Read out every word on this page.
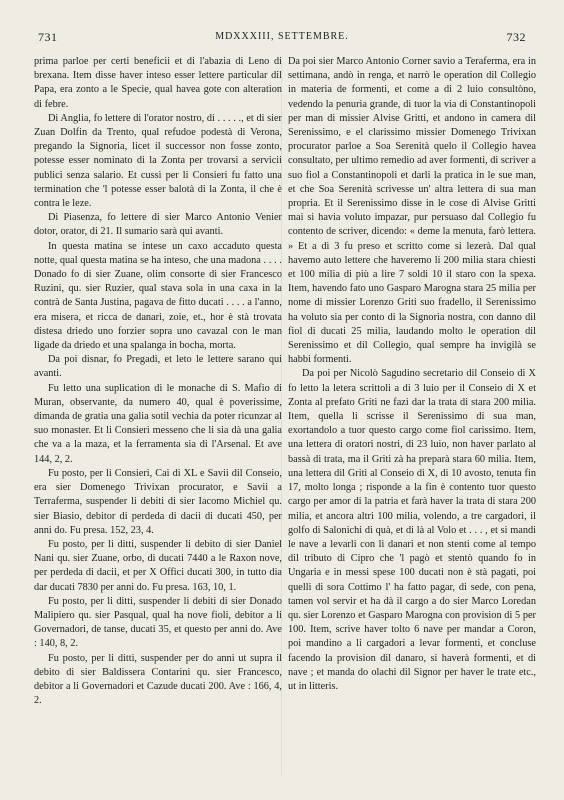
731	MDXXXIII, SETTEMBRE.	732

prima parloe per certi beneficii et di l'abazia di Leno di brexana. Item disse haver inteso esser lettere particular dil Papa, era zonto a le Specie, qual havea gote con alteration di febre.

Di Anglia, fo lettere di l'orator nostro, di . . . . ., et di sier Zuan Dolfin da Trento, qual refudoe podestà di Verona, pregando la Signoria, licet il successor non fosse zonto, potesse esser nominato di la Zonta per trovarsi a servicii publici senza salario. Et cussì per li Consieri fu fatto una termination che 'l potesse esser balotà di la Zonta, il che è contra le leze.

Di Piasenza, fo lettere di sier Marco Antonio Venier dotor, orator, di 21. Il sumario sarà qui avanti.

In questa matina se intese un caxo accaduto questa notte, qual questa matina se ha inteso, che una madona . . . . Donado fo di sier Zuane, olim consorte di sier Francesco Ruzini, qu. sier Ruzier, qual stava sola in una caxa in la contrà de Santa Justina, pagava de fitto ducati . . . . a l'anno, era misera, et ricca de danari, zoie, et., hor è stà trovata distesa driedo uno forzier sopra uno cavazal con le man ligade da driedo et una spalanga in bocha, morta.

Da poi disnar, fo Pregadi, et leto le lettere sarano qui avanti.

Fu letto una suplication di le monache di S. Mafio di Muran, observante, da numero 40, qual è poverissime, dimanda de gratia una galia sotil vechia da poter ricunzar al suo monaster. Et li Consieri messeno che li sia dà una galia che va a la maza, et la ferramenta sia di l'Arsenal. Et ave 144, 2, 2.

Fu posto, per li Consieri, Cai di XL e Savii dil Conseio, era sier Domenego Trivixan procurator, e Savii a Terraferma, suspender li debiti di sier Iacomo Michiel qu. sier Biasio, debitor di perdeda di dacii di ducati 450, per anni do. Fu presa. 152, 23, 4.

Fu posto, per li ditti, suspender li debito di sier Daniel Nani qu. sier Zuane, orbo, di ducati 7440 a le Raxon nove, per perdeda di dacii, et per X Offici ducati 300, in tutto dia dar ducati 7830 per anni do. Fu presa. 163, 10, 1.

Fu posto, per li ditti, suspender li debiti di sier Donado Malipiero qu. sier Pasqual, qual ha nove fioli, debitor a li Governadori, de tanse, ducati 35, et questo per anni do. Ave : 140, 8, 2.

Fu posto, per li ditti, suspender per do anni ut supra il debito di sier Baldissera Contarini qu. sier Francesco, debitor a li Governadori et Cazude ducati 200. Ave : 166, 4, 2.

Da poi sier Marco Antonio Corner savio a Teraferma, era in settimana, andò in renga, et narrò le operation dil Collegio in materia de formenti, et come a di 2 luio consultòno, vedendo la penuria grande, di tuor la via di Constantinopoli per man di missier Alvise Gritti, et andono in camera dil Serenissimo, e el clarissimo missier Domenego Trivixan procurator parloe a Soa Serenità quelo il Collegio havea consultato, per ultimo remedio ad aver formenti, di scriver a suo fiol a Constantinopoli et darli la pratica in le sue man, et che Soa Serenità scrivesse un' altra lettera di sua man propria. Et il Serenissimo disse in le cose di Alvise Gritti mai si havia voluto impazar, pur persuaso dal Collegio fu contento de scriver, dicendo: « deme la menuta, farò lettera. » Et a dì 3 fu preso et scritto come si lezerà. Dal qual havemo auto lettere che haveremo li 200 milia stara chiesti et 100 milia di più a lire 7 soldi 10 il staro con la spexa. Item, havendo fato uno Gasparo Marogna stara 25 milia per nome di missier Lorenzo Griti suo fradello, il Serenissimo ha voluto sia per conto di la Signoria nostra, con danno dil fiol di ducati 25 milia, laudando molto le operation dil Serenissimo et dil Collegio, qual sempre ha invigilà se habbi formenti.

Da poi per Nicolò Sagudino secretario dil Conseio di X fo letto la letera scrittoli a di 3 luio per il Conseio di X et Zonta al prefato Griti ne fazi dar la trata di stara 200 milia. Item, quella li scrisse il Serenissimo di sua man, exortandolo a tuor questo cargo come fiol carissimo. Item, una lettera di oratori nostri, di 23 luio, non haver parlato al bassà di trata, ma il Griti zà ha preparà stara 60 milia. Item, una lettera dil Griti al Conseio di X, di 10 avosto, tenuta fin 17, molto longa ; risponde a la fin è contento tuor questo cargo per amor di la patria et farà haver la trata di stara 200 milia, et ancora altri 100 milia, volendo, a tre cargadori, il golfo di Salonichi di quà, et di là al Volo et . . . , et si mandi le nave a levarli con li danari et non stenti come al tempo dil tributo di Cipro che 'l pagò et stentò quando fo in Ungaria e in messi spese 100 ducati non è stà pagati, poi quelli di sora Cottimo l' ha fatto pagar, di sede, con pena, tamen vol servir et ha dà il cargo a do sier Marco Loredan qu. sier Lorenzo et Gasparo Marogna con provision di 5 per 100. Item, scrive haver tolto 6 nave per mandar a Coron, poi mandino a li cargadori a levar formenti, et concluse facendo la provision dil danaro, si haverà formenti, et di nave ; et manda do olachi dil Signor per haver le trate etc., ut in litteris.
